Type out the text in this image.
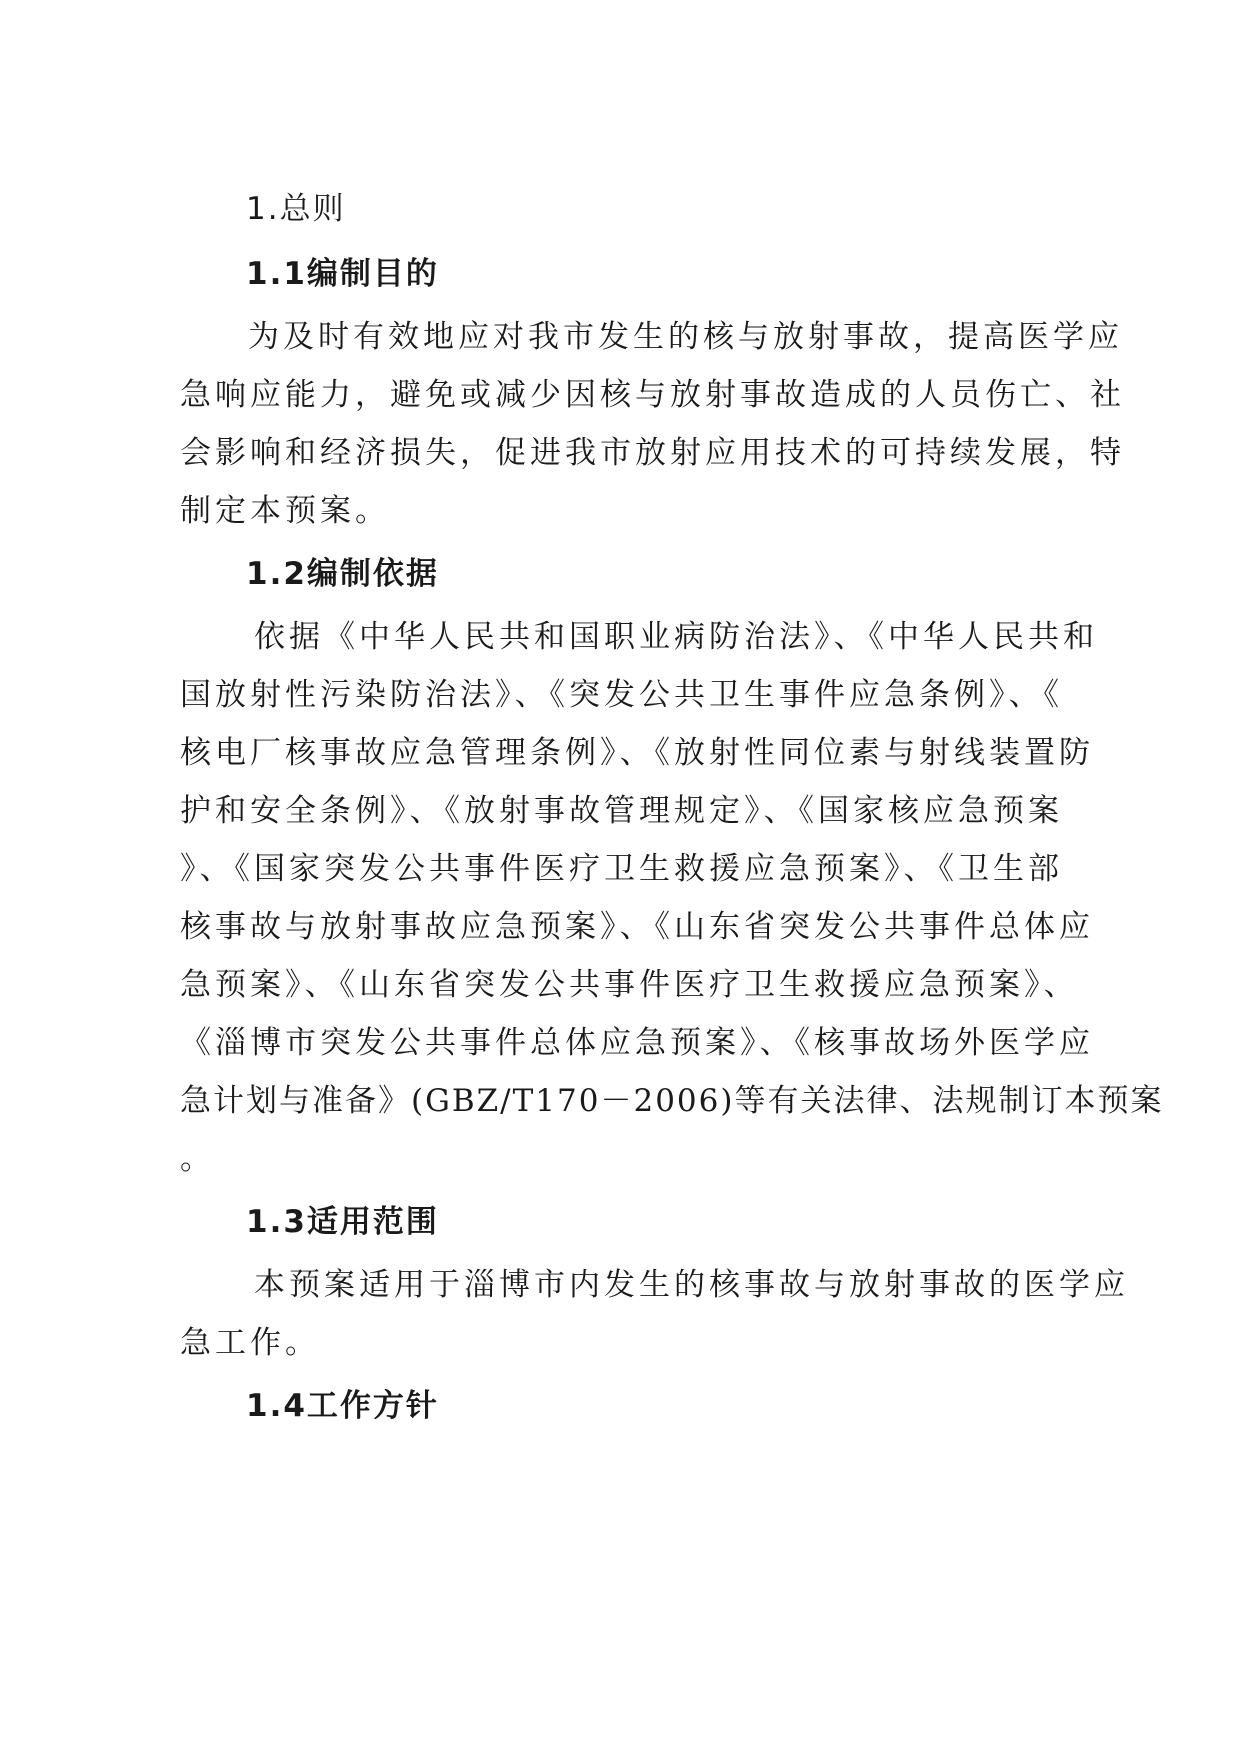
1.总则
1.1编制目的
为及时有效地应对我市发生的核与放射事故，提高医学应
急响应能力，避免或减少因核与放射事故造成的人员伤亡、社
会影响和经济损失，促进我市放射应用技术的可持续发展，特
制定本预案。
1.2编制依据
依据《中华人民共和国职业病防治法》、《中华人民共和
国放射性污染防治法》、《突发公共卫生事件应急条例》、《
核电厂核事故应急管理条例》、《放射性同位素与射线装置防
护和安全条例》、《放射事故管理规定》、《国家核应急预案
》、《国家突发公共事件医疗卫生救援应急预案》、《卫生部
核事故与放射事故应急预案》、《山东省突发公共事件总体应
急预案》、《山东省突发公共事件医疗卫生救援应急预案》、
《淄博市突发公共事件总体应急预案》、《核事故场外医学应
急计划与准备》(GBZ/T170－2006)等有关法律、法规制订本预案
。
1.3适用范围
本预案适用于淄博市内发生的核事故与放射事故的医学应
急工作。
1.4工作方针
